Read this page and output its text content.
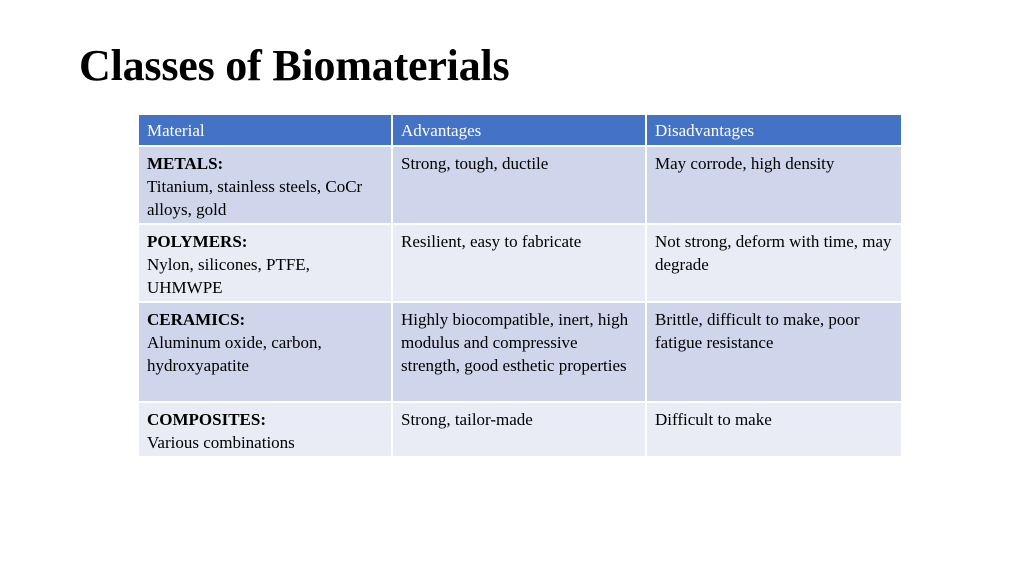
Classes of Biomaterials
Material	Advantages	Disadvantages

METALS:
Titanium, stainless steels, CoCr alloys, gold	Strong, tough, ductile	May corrode, high density

POLYMERS:
Nylon, silicones, PTFE, UHMWPE	Resilient, easy to fabricate	Not strong, deform with time, may degrade

CERAMICS:
Aluminum oxide, carbon, hydroxyapatite	Highly biocompatible, inert, high modulus and compressive strength, good esthetic properties	Brittle, difficult to make, poor fatigue resistance

COMPOSITES:
Various combinations	Strong, tailor-made	Difficult to make
